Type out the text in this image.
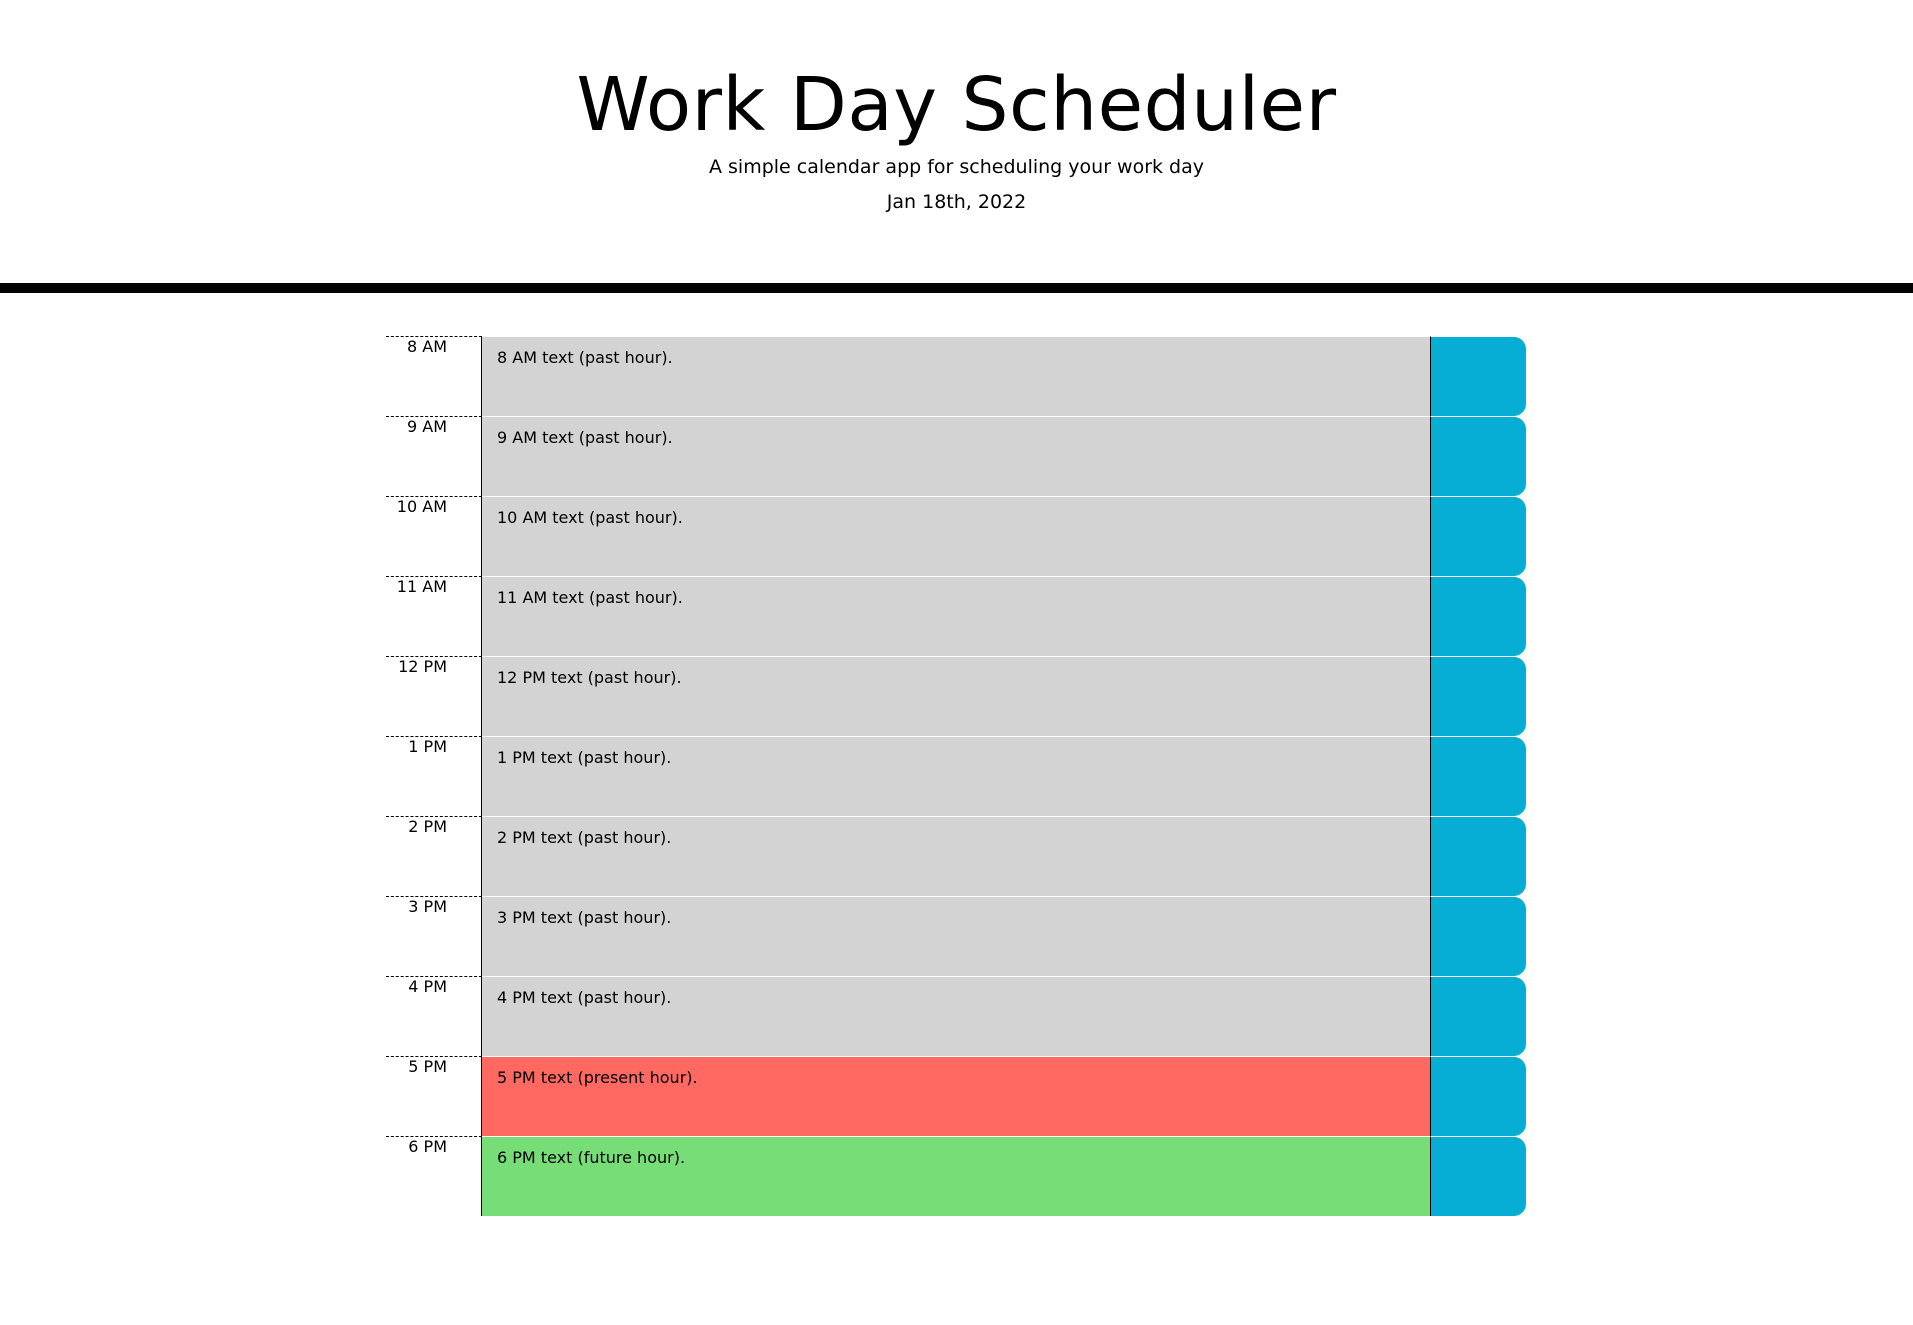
Work Day Scheduler

A simple calendar app for scheduling your work day

Jan 18th, 2022

8 AM
8 AM text (past hour).
9 AM
9 AM text (past hour).
10 AM
10 AM text (past hour).
11 AM
11 AM text (past hour).
12 PM
12 PM text (past hour).
1 PM
1 PM text (past hour).
2 PM
2 PM text (past hour).
3 PM
3 PM text (past hour).
4 PM
4 PM text (past hour).
5 PM
5 PM text (present hour).
6 PM
6 PM text (future hour).
